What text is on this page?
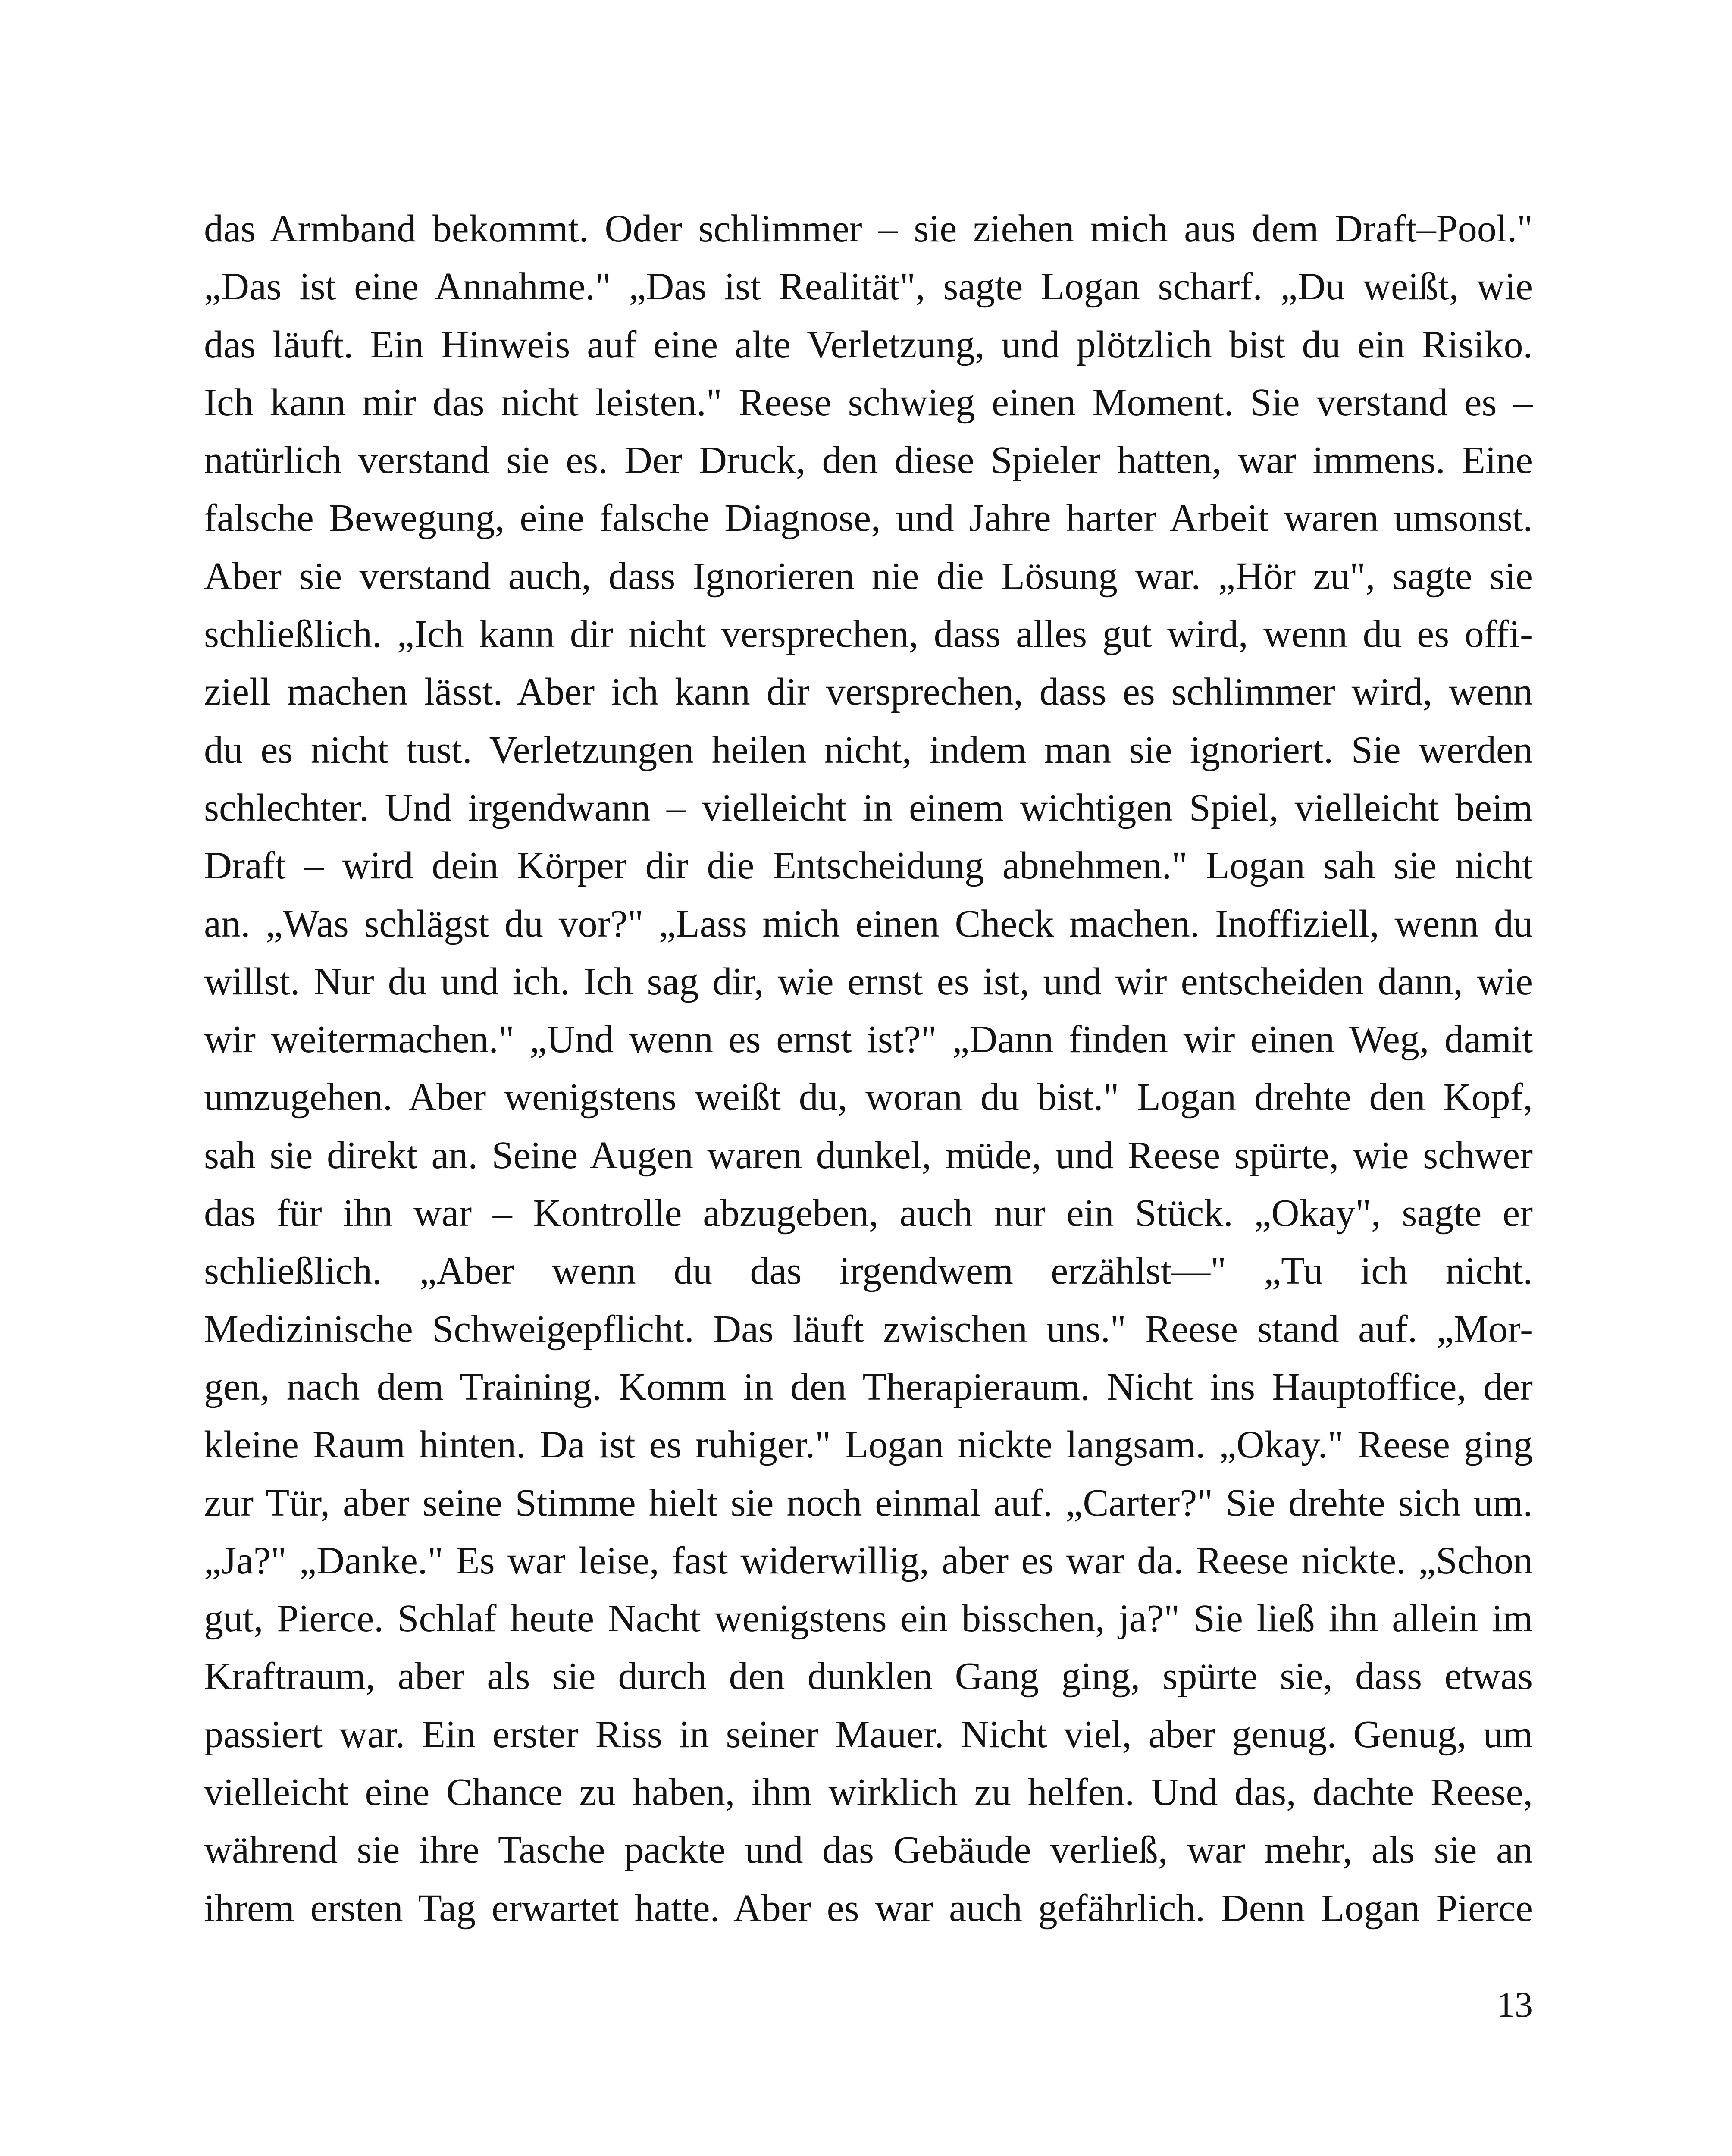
das Armband bekommt. Oder schlimmer – sie ziehen mich aus dem Draft–Pool."
„Das ist eine Annahme." „Das ist Realität", sagte Logan scharf. „Du weißt, wie
das läuft. Ein Hinweis auf eine alte Verletzung, und plötzlich bist du ein Risiko.
Ich kann mir das nicht leisten." Reese schwieg einen Moment. Sie verstand es –
natürlich verstand sie es. Der Druck, den diese Spieler hatten, war immens. Eine
falsche Bewegung, eine falsche Diagnose, und Jahre harter Arbeit waren umsonst.
Aber sie verstand auch, dass Ignorieren nie die Lösung war. „Hör zu", sagte sie
schließlich. „Ich kann dir nicht versprechen, dass alles gut wird, wenn du es offi-
ziell machen lässt. Aber ich kann dir versprechen, dass es schlimmer wird, wenn
du es nicht tust. Verletzungen heilen nicht, indem man sie ignoriert. Sie werden
schlechter. Und irgendwann – vielleicht in einem wichtigen Spiel, vielleicht beim
Draft – wird dein Körper dir die Entscheidung abnehmen." Logan sah sie nicht
an. „Was schlägst du vor?" „Lass mich einen Check machen. Inoffiziell, wenn du
willst. Nur du und ich. Ich sag dir, wie ernst es ist, und wir entscheiden dann, wie
wir weitermachen." „Und wenn es ernst ist?" „Dann finden wir einen Weg, damit
umzugehen. Aber wenigstens weißt du, woran du bist." Logan drehte den Kopf,
sah sie direkt an. Seine Augen waren dunkel, müde, und Reese spürte, wie schwer
das für ihn war – Kontrolle abzugeben, auch nur ein Stück. „Okay", sagte er
schließlich. „Aber wenn du das irgendwem erzählst—" „Tu ich nicht.
Medizinische Schweigepflicht. Das läuft zwischen uns." Reese stand auf. „Mor-
gen, nach dem Training. Komm in den Therapieraum. Nicht ins Hauptoffice, der
kleine Raum hinten. Da ist es ruhiger." Logan nickte langsam. „Okay." Reese ging
zur Tür, aber seine Stimme hielt sie noch einmal auf. „Carter?" Sie drehte sich um.
„Ja?" „Danke." Es war leise, fast widerwillig, aber es war da. Reese nickte. „Schon
gut, Pierce. Schlaf heute Nacht wenigstens ein bisschen, ja?" Sie ließ ihn allein im
Kraftraum, aber als sie durch den dunklen Gang ging, spürte sie, dass etwas
passiert war. Ein erster Riss in seiner Mauer. Nicht viel, aber genug. Genug, um
vielleicht eine Chance zu haben, ihm wirklich zu helfen. Und das, dachte Reese,
während sie ihre Tasche packte und das Gebäude verließ, war mehr, als sie an
ihrem ersten Tag erwartet hatte. Aber es war auch gefährlich. Denn Logan Pierce

13
